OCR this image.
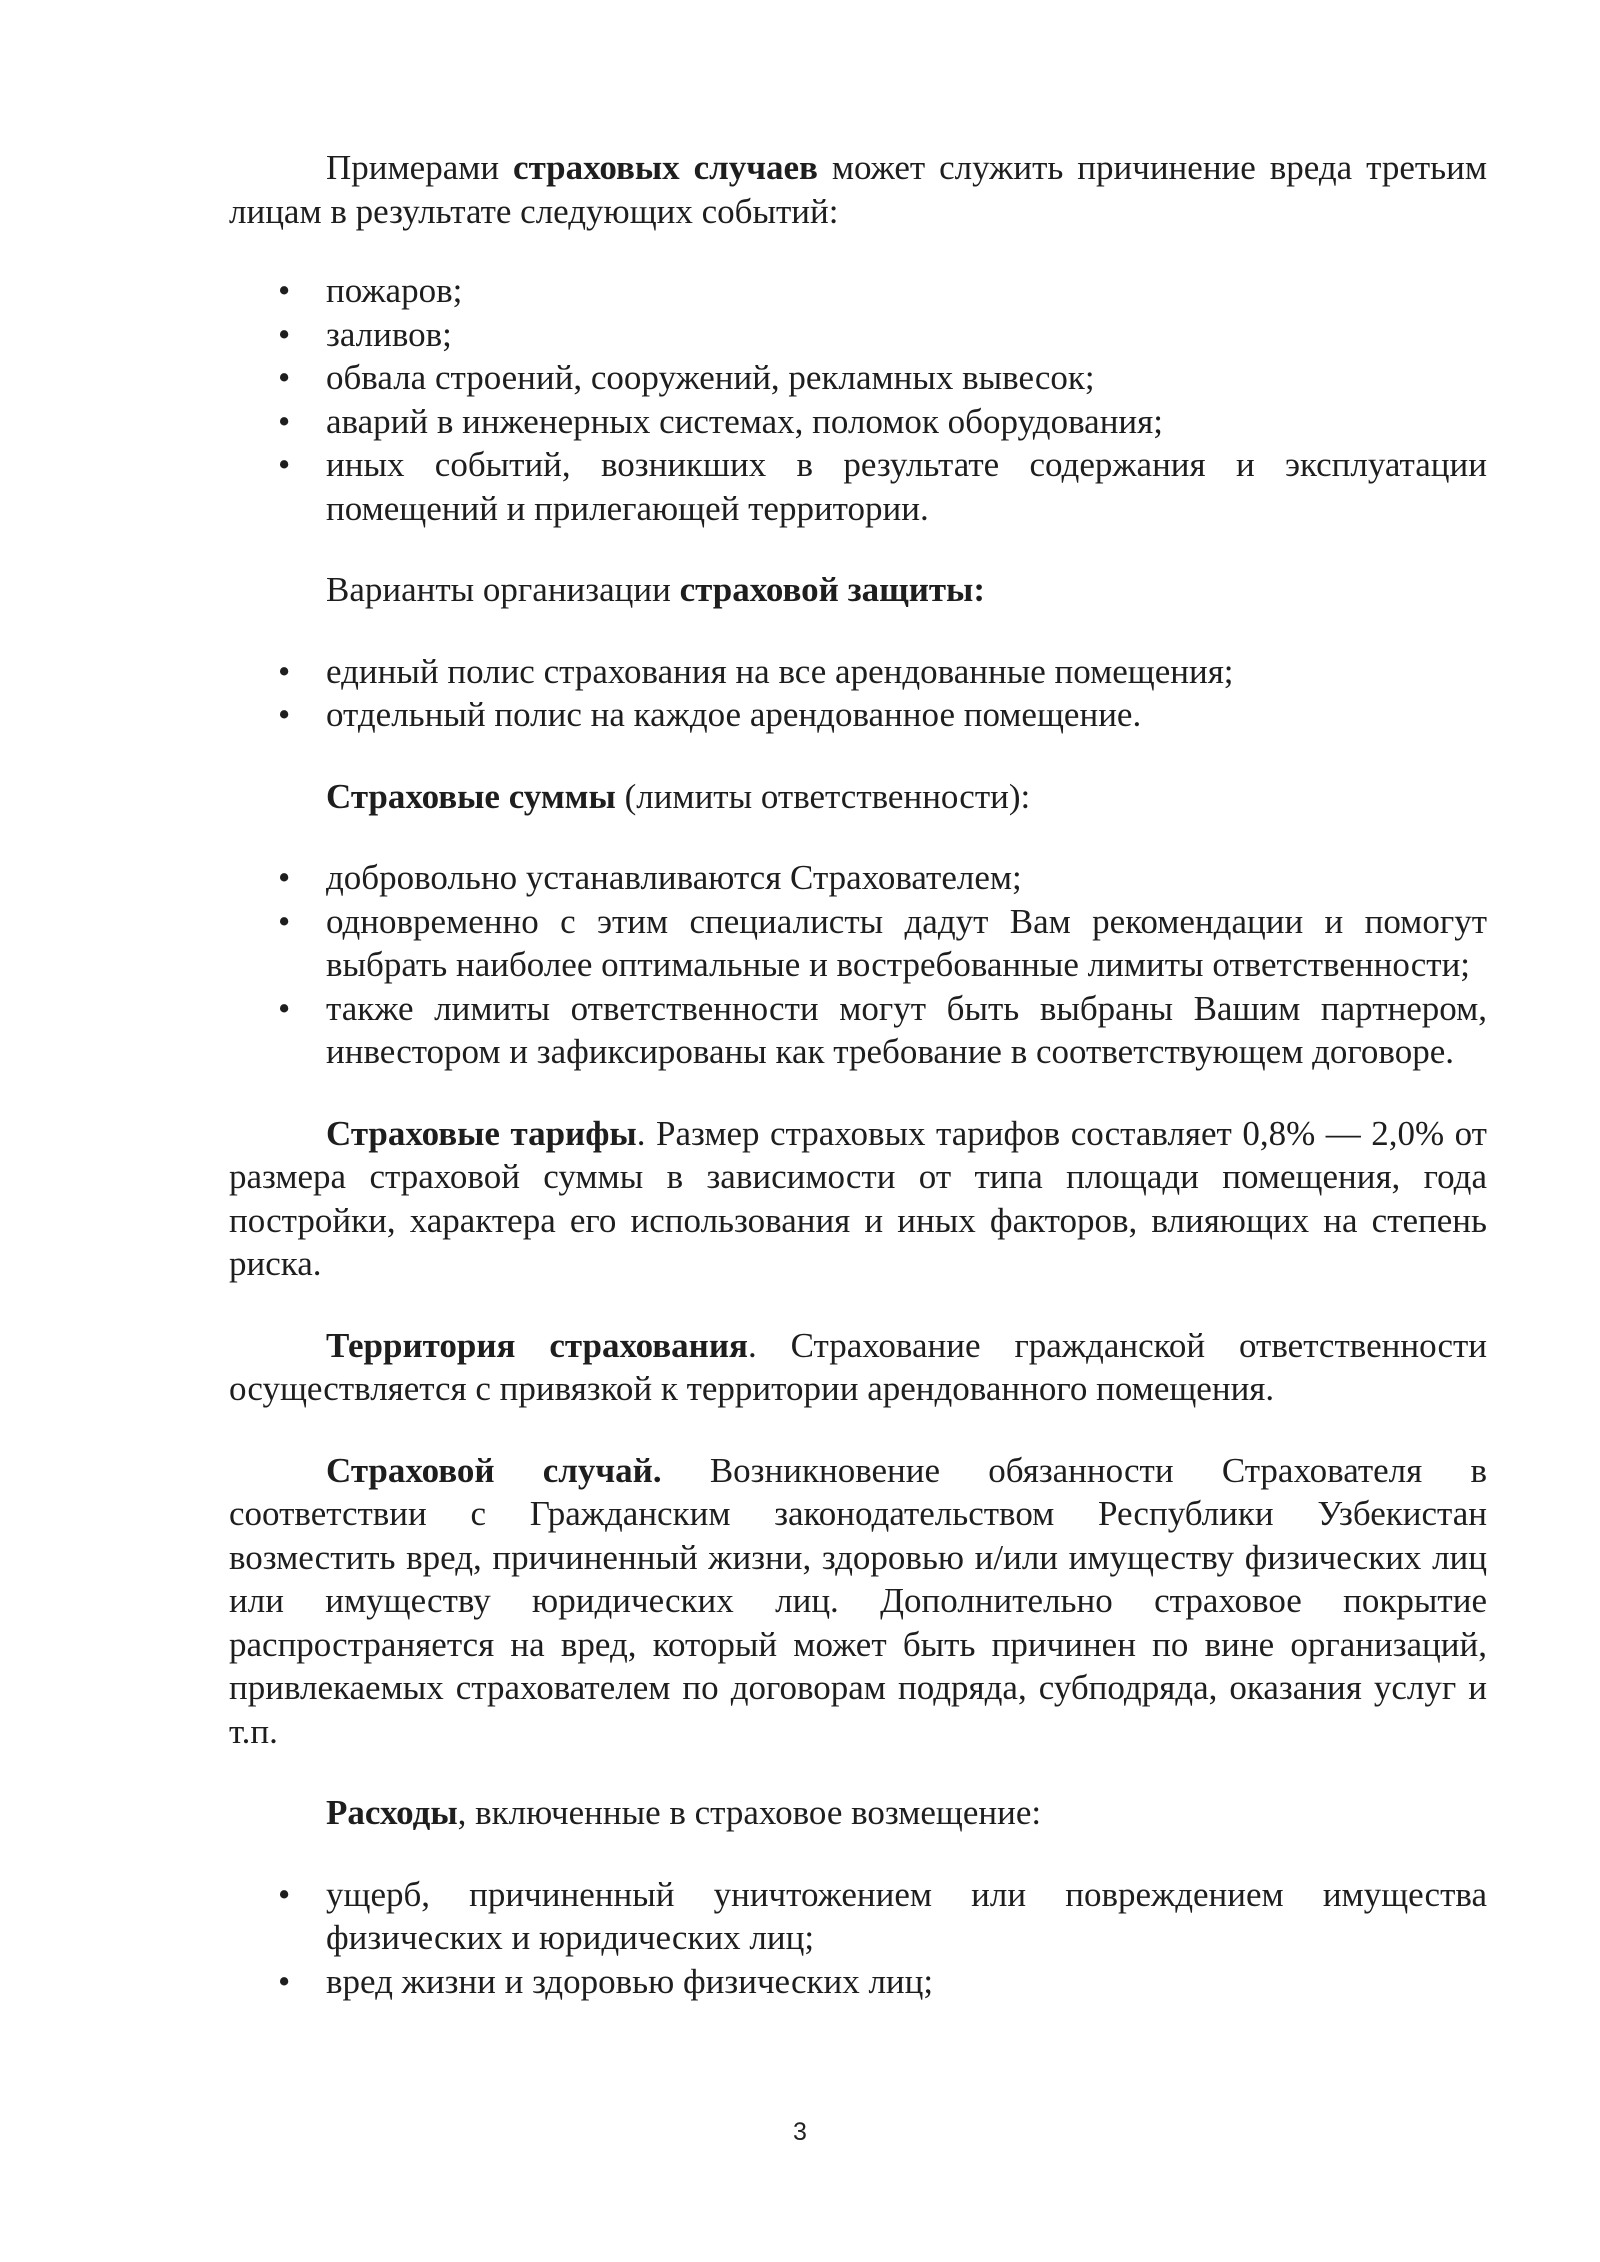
Примерами страховых случаев может служить причинение вреда третьим лицам в результате следующих событий:

• пожаров;
• заливов;
• обвала строений, сооружений, рекламных вывесок;
• аварий в инженерных системах, поломок оборудования;
• иных событий, возникших в результате содержания и эксплуатации помещений и прилегающей территории.

Варианты организации страховой защиты:

• единый полис страхования на все арендованные помещения;
• отдельный полис на каждое арендованное помещение.

Страховые суммы (лимиты ответственности):

• добровольно устанавливаются Страхователем;
• одновременно с этим специалисты дадут Вам рекомендации и помогут выбрать наиболее оптимальные и востребованные лимиты ответственности;
• также лимиты ответственности могут быть выбраны Вашим партнером, инвестором и зафиксированы как требование в соответствующем договоре.

Страховые тарифы. Размер страховых тарифов составляет 0,8% — 2,0% от размера страховой суммы в зависимости от типа площади помещения, года постройки, характера его использования и иных факторов, влияющих на степень риска.

Территория страхования. Страхование гражданской ответственности осуществляется с привязкой к территории арендованного помещения.

Страховой случай. Возникновение обязанности Страхователя в соответствии с Гражданским законодательством Республики Узбекистан возместить вред, причиненный жизни, здоровью и/или имуществу физических лиц или имуществу юридических лиц. Дополнительно страховое покрытие распространяется на вред, который может быть причинен по вине организаций, привлекаемых страхователем по договорам подряда, субподряда, оказания услуг и т.п.

Расходы, включенные в страховое возмещение:

• ущерб, причиненный уничтожением или повреждением имущества физических и юридических лиц;
• вред жизни и здоровью физических лиц;
3
